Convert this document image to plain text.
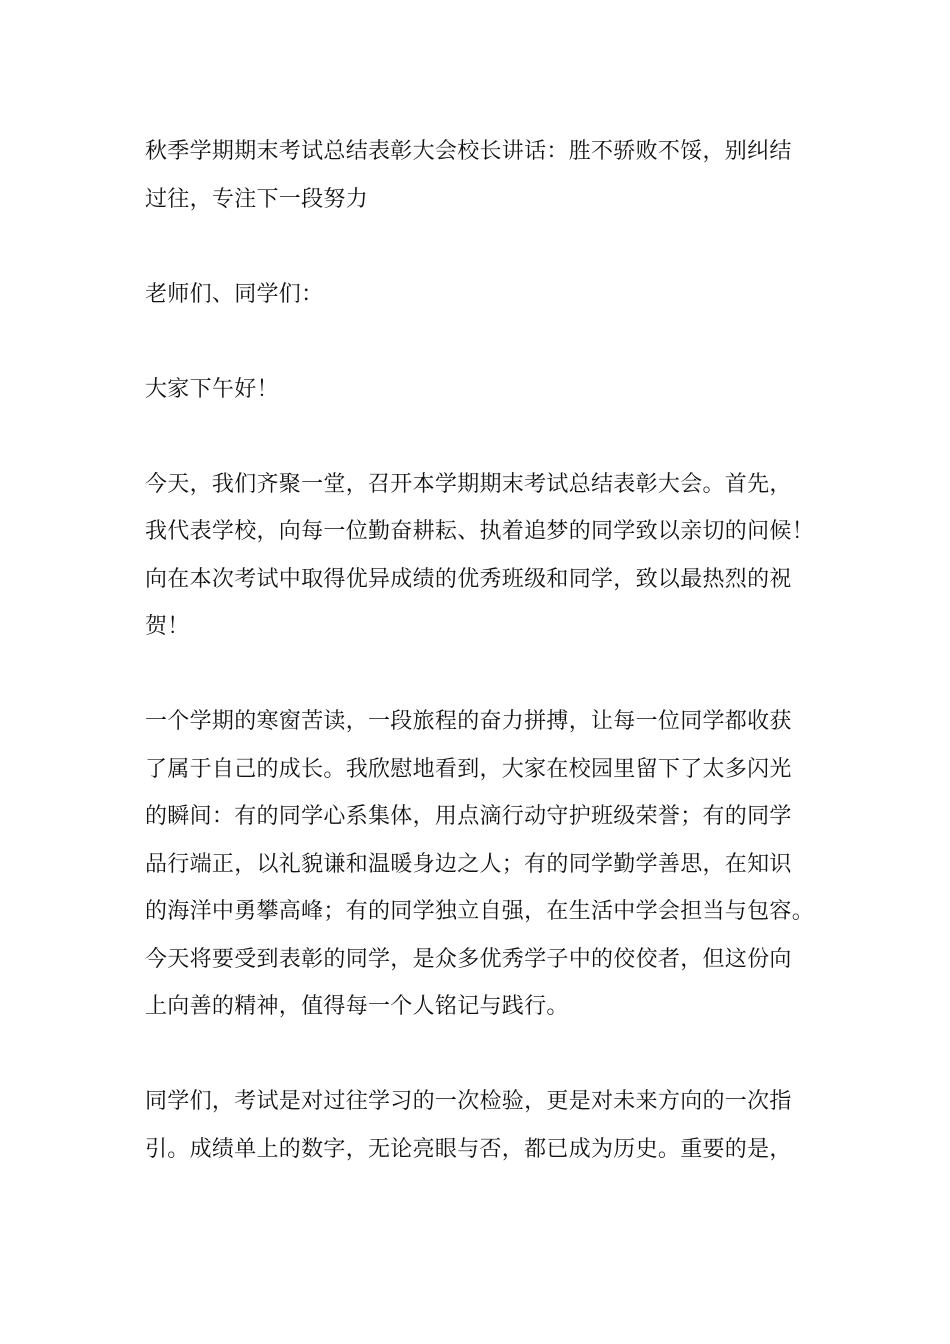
秋季学期期末考试总结表彰大会校长讲话：胜不骄败不馁，别纠结
过往，专注下一段努力
老师们、同学们：
大家下午好！
今天，我们齐聚一堂，召开本学期期末考试总结表彰大会。首先，
我代表学校，向每一位勤奋耕耘、执着追梦的同学致以亲切的问候！
向在本次考试中取得优异成绩的优秀班级和同学，致以最热烈的祝
贺！
一个学期的寒窗苦读，一段旅程的奋力拼搏，让每一位同学都收获
了属于自己的成长。我欣慰地看到，大家在校园里留下了太多闪光
的瞬间：有的同学心系集体，用点滴行动守护班级荣誉；有的同学
品行端正，以礼貌谦和温暖身边之人；有的同学勤学善思，在知识
的海洋中勇攀高峰；有的同学独立自强，在生活中学会担当与包容。
今天将要受到表彰的同学，是众多优秀学子中的佼佼者，但这份向
上向善的精神，值得每一个人铭记与践行。
同学们，考试是对过往学习的一次检验，更是对未来方向的一次指
引。成绩单上的数字，无论亮眼与否，都已成为历史。重要的是，
